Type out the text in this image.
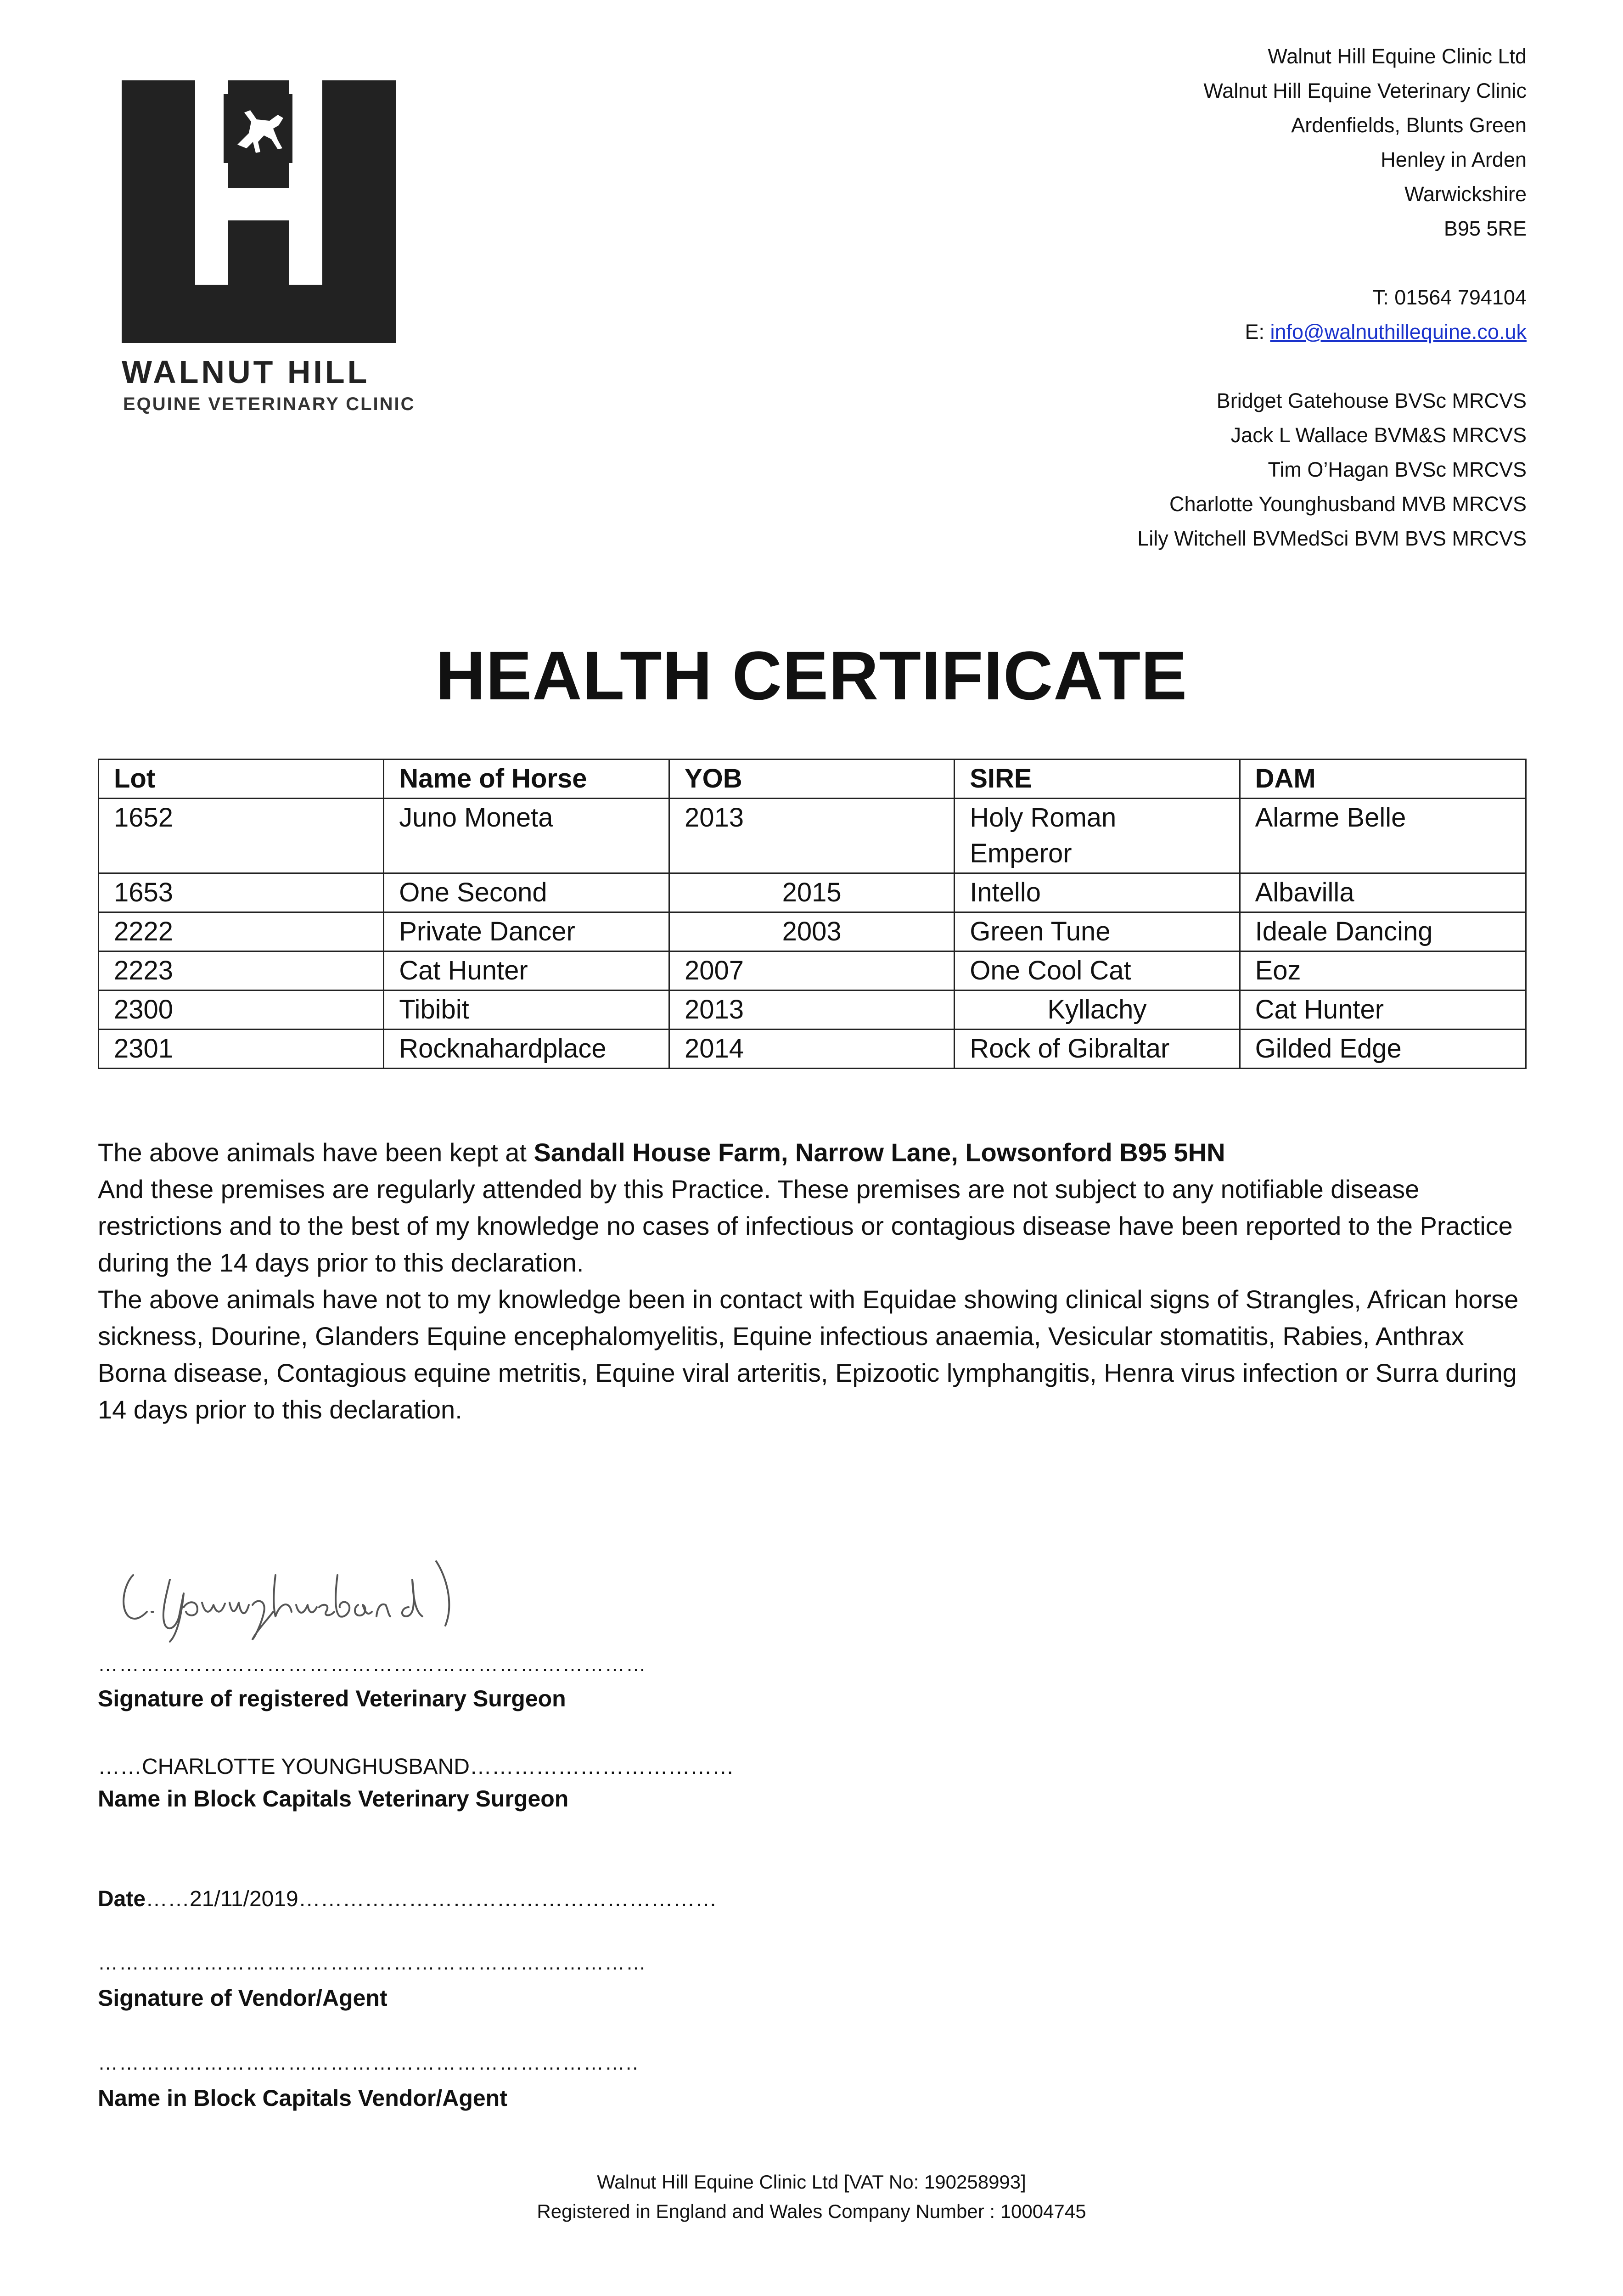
WALNUT HILL
EQUINE VETERINARY CLINIC
Walnut Hill Equine Clinic Ltd
Walnut Hill Equine Veterinary Clinic
Ardenfields, Blunts Green
Henley in Arden
Warwickshire
B95 5RE
T: 01564 794104
E: info@walnuthillequine.co.uk
Bridget Gatehouse BVSc MRCVS
Jack L Wallace BVM&S MRCVS
Tim O’Hagan BVSc MRCVS
Charlotte Younghusband MVB MRCVS
Lily Witchell BVMedSci BVM BVS MRCVS
HEALTH CERTIFICATE
Lot	Name of Horse	YOB	SIRE	DAM
1652	Juno Moneta	2013	Holy Roman Emperor	Alarme Belle
1653	One Second	2015	Intello	Albavilla
2222	Private Dancer	2003	Green Tune	Ideale Dancing
2223	Cat Hunter	2007	One Cool Cat	Eoz
2300	Tibibit	2013	Kyllachy	Cat Hunter
2301	Rocknahardplace	2014	Rock of Gibraltar	Gilded Edge

The above animals have been kept at Sandall House Farm, Narrow Lane, Lowsonford B95 5HN

And these premises are regularly attended by this Practice. These premises are not subject to any notifiable disease restrictions and to the best of my knowledge no cases of infectious or contagious disease have been reported to the Practice during the 14 days prior to this declaration.

The above animals have not to my knowledge been in contact with Equidae showing clinical signs of Strangles, African horse sickness, Dourine, Glanders Equine encephalomyelitis, Equine infectious anaemia, Vesicular stomatitis, Rabies, Anthrax Borna disease, Contagious equine metritis, Equine viral arteritis, Epizootic lymphangitis, Henra virus infection or Surra during 14 days prior to this declaration.

……………………………………………………………………
Signature of registered Veterinary Surgeon
……CHARLOTTE YOUNGHUSBAND………………………………
Name in Block Capitals Veterinary Surgeon
Date……21/11/2019…………………………………………………
……………………………………………………………………
Signature of Vendor/Agent
…………………………………………………………………..
Name in Block Capitals Vendor/Agent
Walnut Hill Equine Clinic Ltd [VAT No: 190258993]
Registered in England and Wales Company Number : 10004745
